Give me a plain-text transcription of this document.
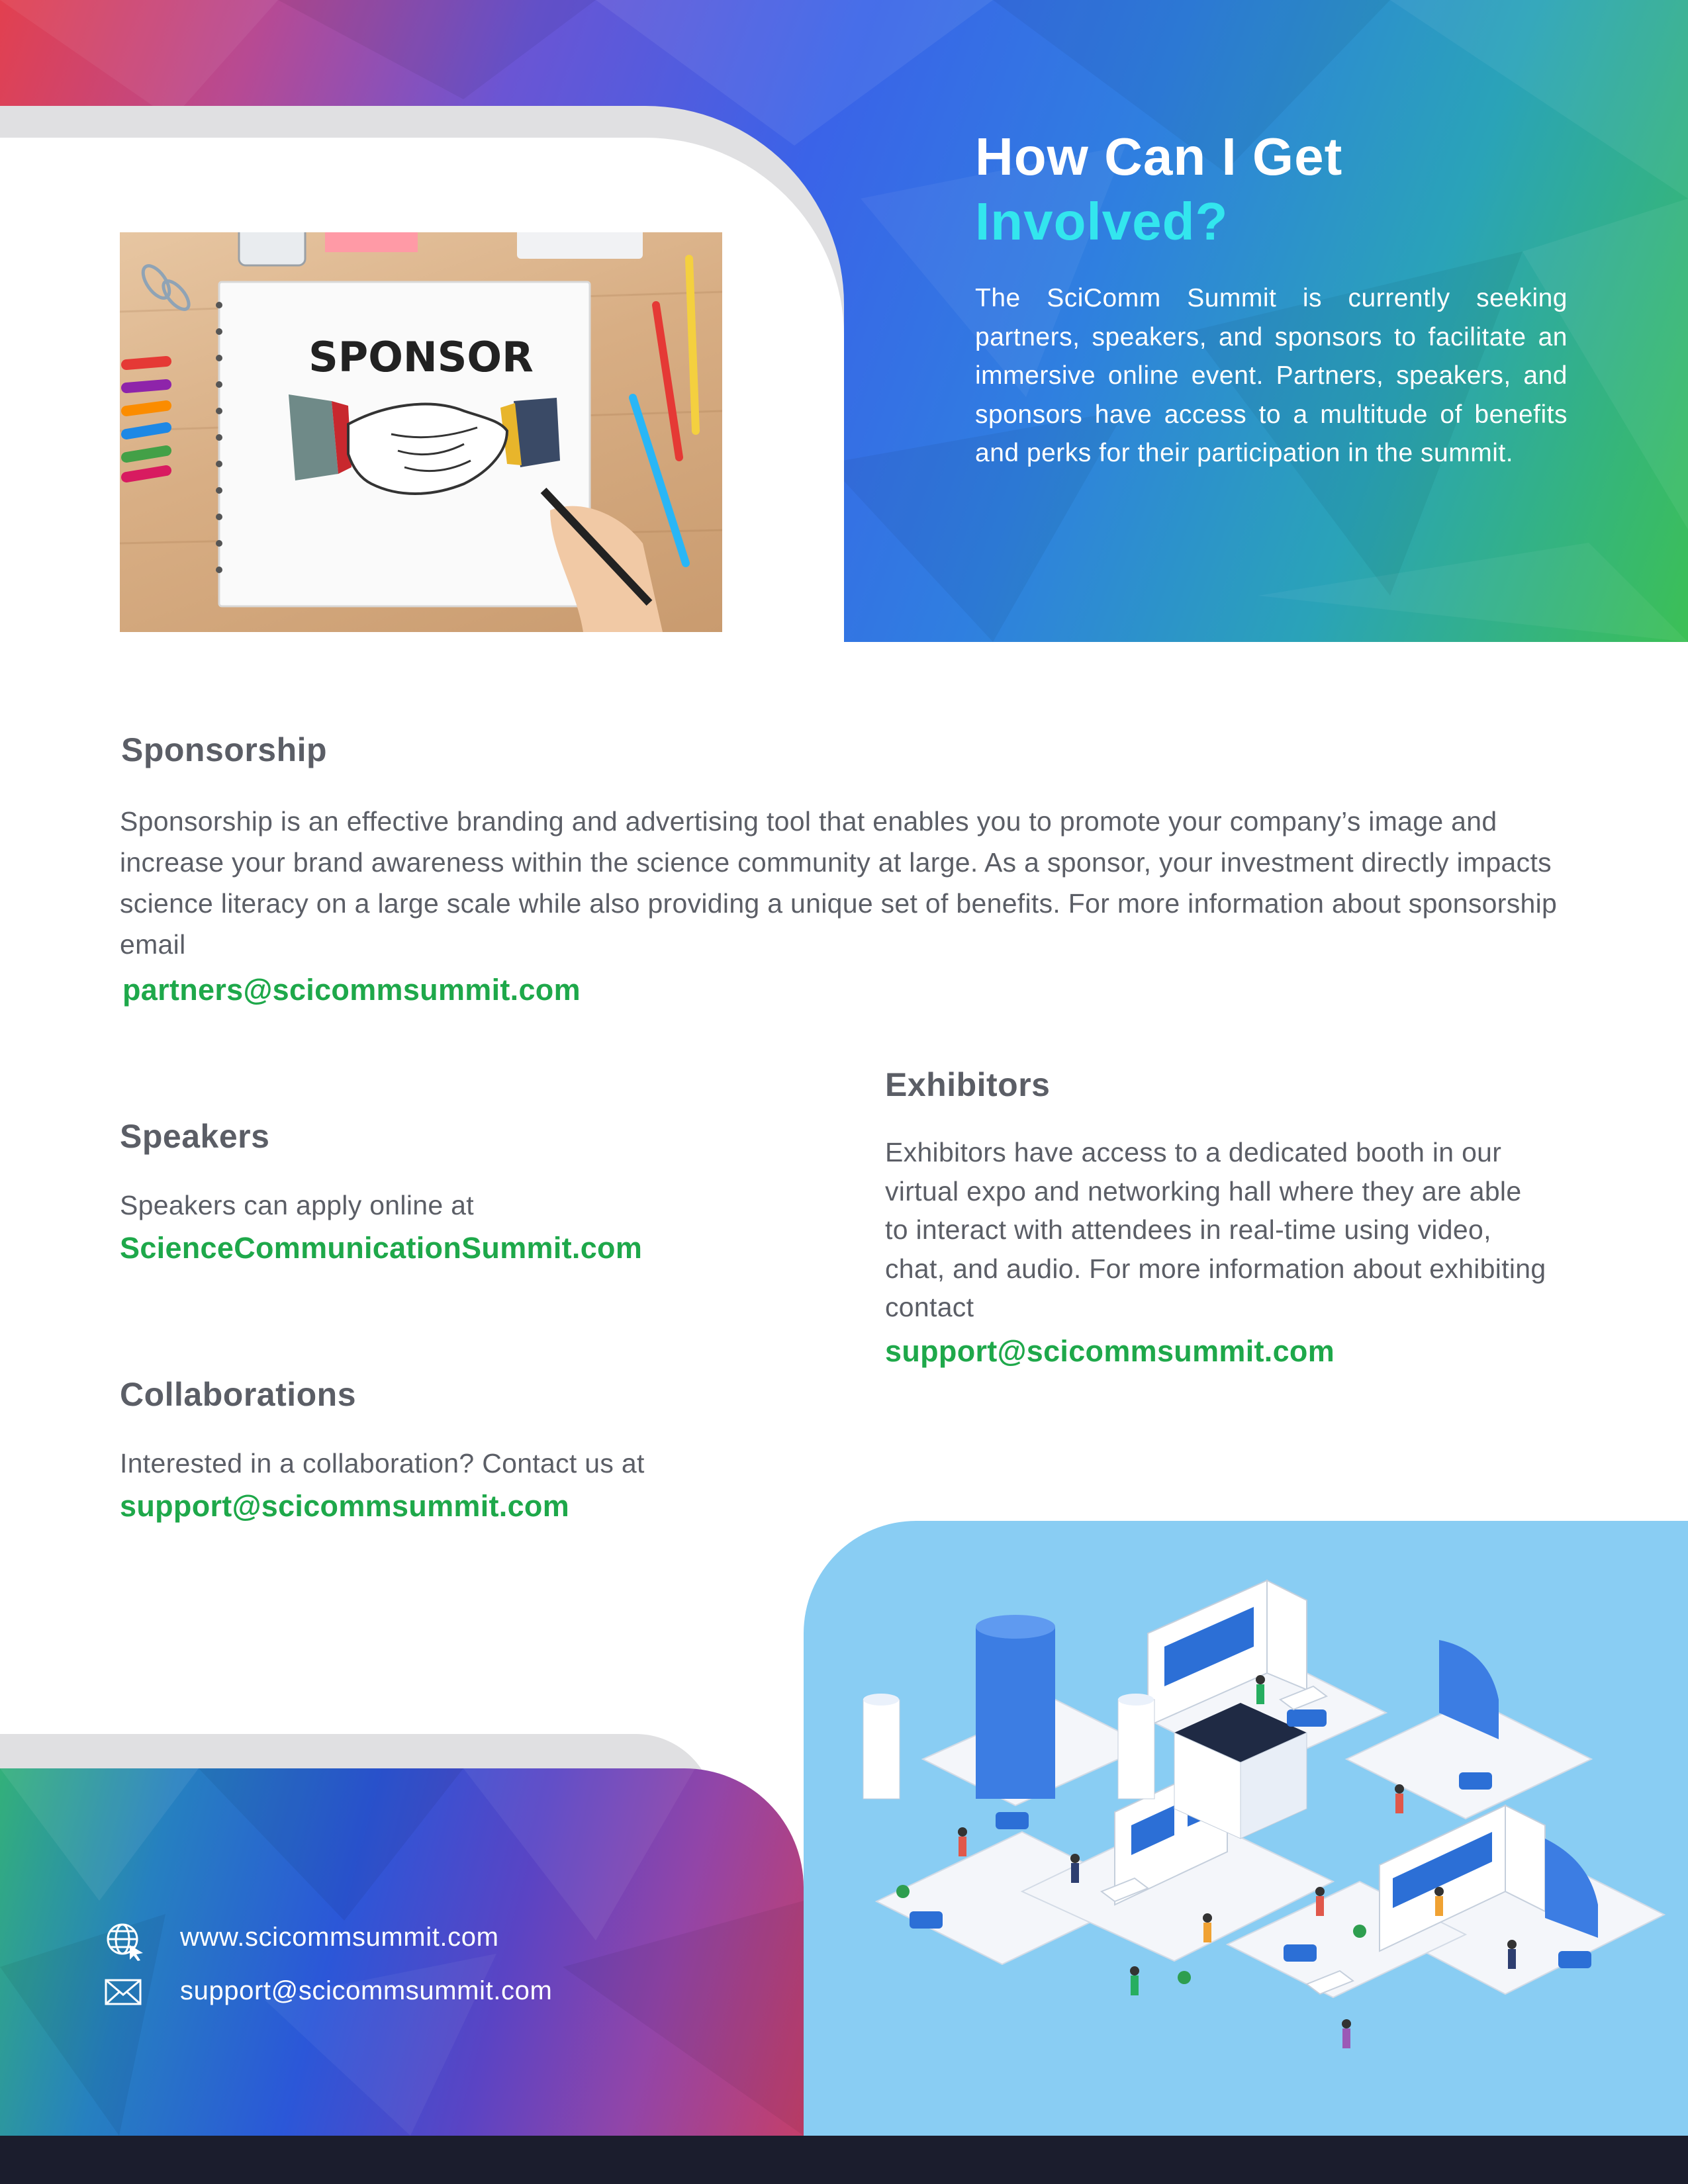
How Can I Get
Involved?
The SciComm Summit is currently seeking partners, speakers, and sponsors to facilitate an immersive online event. Partners, speakers, and sponsors have access to a multitude of benefits and perks for their participation in the summit.
SPONSOR
Sponsorship
Sponsorship is an effective branding and advertising tool that enables you to promote your company’s image and increase your brand awareness within the science community at large. As a sponsor, your investment directly impacts science literacy on a large scale while also providing a unique set of benefits. For more information about sponsorship email
partners@scicommsummit.com
Exhibitors
Exhibitors have access to a dedicated booth in our virtual expo and networking hall where they are able to interact with attendees in real-time using video, chat, and audio. For more information about exhibiting contact
support@scicommsummit.com
Speakers
Speakers can apply online at
ScienceCommunicationSummit.com
Collaborations
Interested in a collaboration? Contact us at
support@scicommsummit.com
www.scicommsummit.com
support@scicommsummit.com
